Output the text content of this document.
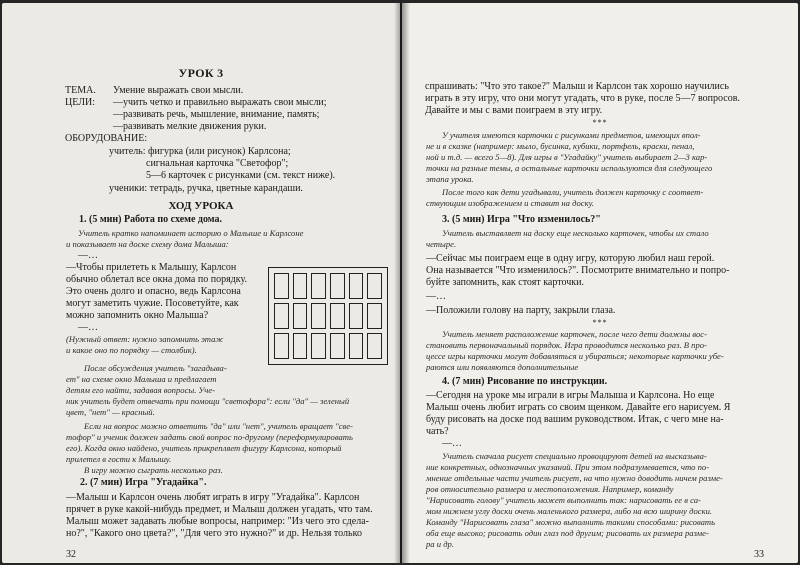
УРОК 3
ТЕМА. Умение выражать свои мысли.
ЦЕЛИ: —учить четко и правильно выражать свои мысли;
—развивать речь, мышление, внимание, память;
—развивать мелкие движения руки.
ОБОРУДОВАНИЕ:
учитель: фигурка (или рисунок) Карлсона;
сигнальная карточка "Светофор";
5—6 карточек с рисунками (см. текст ниже).
ученики: тетрадь, ручка, цветные карандаши.
ХОД УРОКА
1. (5 мин) Работа по схеме дома.
Учитель кратко напоминает историю о Малыше и Карлсоне
и показывает на доске схему дома Малыша:
—…
—Чтобы прилететь к Малышу, Карлсон
обычно облетал все окна дома по порядку.
Это очень долго и опасно, ведь Карлсона
могут заметить чужие. Посоветуйте, как
можно запомнить окно Малыша?
—…
(Нужный ответ: нужно запомнить этаж
и какое оно по порядку — столбик).
После обсуждения учитель "загадыва-
ет" на схеме окно Малыша и предлагает
детям его найти, задавая вопросы. Уче-
ник учитель будет отвечать при помощи "светофора": если "да" — зеленый
цвет, "нет" — красный.
Если на вопрос можно ответить "да" или "нет", учитель вращает "све-
тофор" и ученик должен задать свой вопрос по-другому (переформулировать
его). Когда окно найдено, учитель прикрепляет фигуру Карлсона, который
прилетел в гости к Малышу.
В игру можно сыграть несколько раз.
2. (7 мин) Игра "Угадайка".
—Малыш и Карлсон очень любят играть в игру "Угадайка". Карлсон
прячет в руке какой-нибудь предмет, и Малыш должен угадать, что там.
Малыш может задавать любые вопросы, например: "Из чего это сдела-
но?", "Какого оно цвета?", "Для чего это нужно?" и др. Нельзя только
32
спрашивать: "Что это такое?" Малыш и Карлсон так хорошо научились
играть в эту игру, что они могут угадать, что в руке, после 5—7 вопросов.
Давайте и мы с вами поиграем в эту игру.
***
У учителя имеются карточки с рисунками предметов, имеющих впол-
не и в сказке (например: мыло, бусинка, кубики, портфель, краски, пенал,
ной и т.д. — всего 5—8). Для игры в "Угадайку" учитель выбирает 2—3 кар-
точки на разные темы, а остальные карточки используются для следующего
этапа урока.
После того как дети угадывали, учитель должен карточку с соответ-
ствующим изображением и ставит на доску.
3. (5 мин) Игра "Что изменилось?"
Учитель выставляет на доску еще несколько карточек, чтобы их стало
четыре.
—Сейчас мы поиграем еще в одну игру, которую любил наш герой.
Она называется "Что изменилось?". Посмотрите внимательно и попро-
буйте запомнить, как стоят карточки.
—…
—Положили голову на парту, закрыли глаза.
***
Учитель меняет расположение карточек, после чего дети должны вос-
становить первоначальный порядок. Игра проводится несколько раз. В про-
цессе игры карточки могут добавляться и убираться; некоторые карточки убе-
раются или появляются дополнительные
4. (7 мин) Рисование по инструкции.
—Сегодня на уроке мы играли в игры Малыша и Карлсона. Но еще
Малыш очень любит играть со своим щенком. Давайте его нарисуем. Я
буду рисовать на доске под вашим руководством. Итак, с чего мне на-
чать?
—…
Учитель сначала рисует специально провоцируют детей на высказыва-
ние конкретных, однозначных указаний. При этом подразумевается, что по-
мнение отдельные части учитель рисует, на что нужно доводить ничем разме-
ров относительно размера и местоположения. Например, команду
"Нарисовать голову" учитель может выполнить так: нарисовать ее в са-
мом нижнем углу доски очень маленького размера, либо на всю ширину доски.
Команду "Нарисовать глаза" можно выполнить такими способами: рисовать
оба еще высоко; рисовать один глаз под другим; рисовать их размера разме-
ра и др.
33
